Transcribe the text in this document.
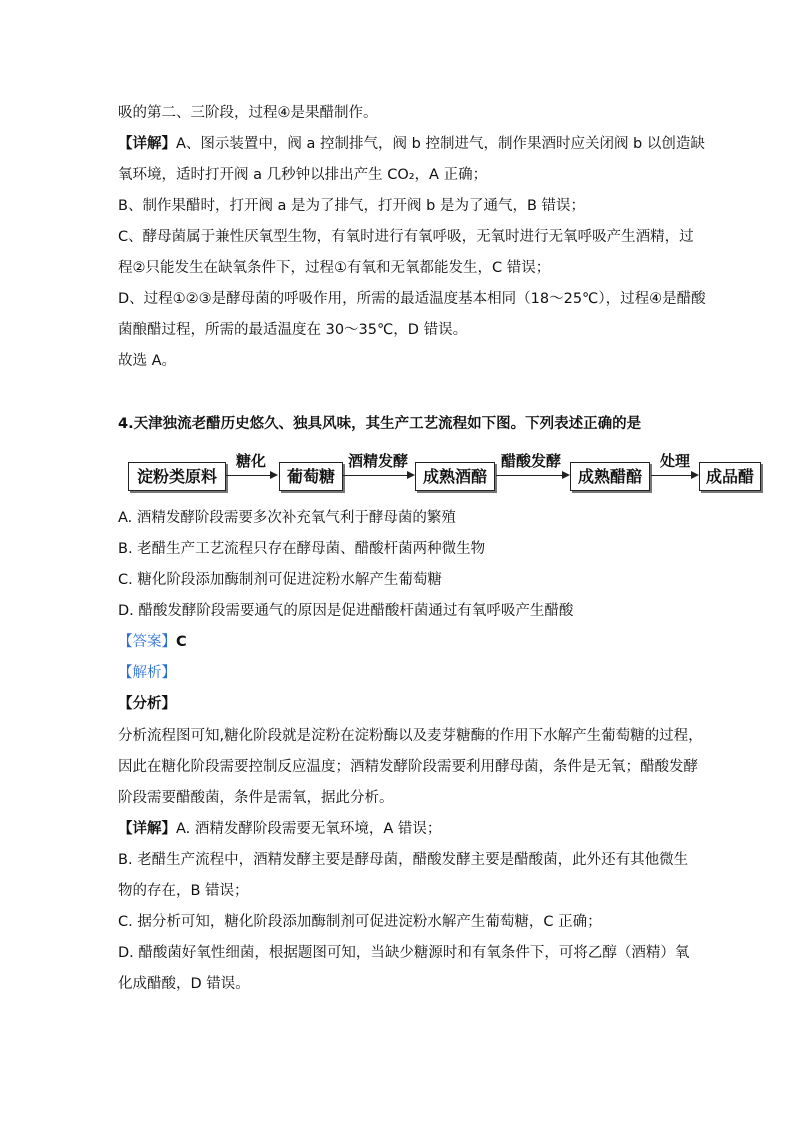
吸的第二、三阶段，过程④是果醋制作。
【详解】A、图示装置中，阀 a 控制排气，阀 b 控制进气，制作果酒时应关闭阀 b 以创造缺
氧环境，适时打开阀 a 几秒钟以排出产生 CO₂，A 正确；
B、制作果醋时，打开阀 a 是为了排气，打开阀 b 是为了通气，B 错误；
C、酵母菌属于兼性厌氧型生物，有氧时进行有氧呼吸，无氧时进行无氧呼吸产生酒精，过
程②只能发生在缺氧条件下，过程①有氧和无氧都能发生，C 错误；
D、过程①②③是酵母菌的呼吸作用，所需的最适温度基本相同（18～25℃），过程④是醋酸
菌酿醋过程，所需的最适温度在 30～35℃，D 错误。
故选 A。
4.天津独流老醋历史悠久、独具风味，其生产工艺流程如下图。下列表述正确的是
淀粉类原料
糖化
葡萄糖
酒精发酵
成熟酒醅
醋酸发酵
成熟醋醅
处理
成品醋
A. 酒精发酵阶段需要多次补充氧气利于酵母菌的繁殖
B. 老醋生产工艺流程只存在酵母菌、醋酸杆菌两种微生物
C. 糖化阶段添加酶制剂可促进淀粉水解产生葡萄糖
D. 醋酸发酵阶段需要通气的原因是促进醋酸杆菌通过有氧呼吸产生醋酸
【答案】C
【解析】
【分析】
分析流程图可知,糖化阶段就是淀粉在淀粉酶以及麦芽糖酶的作用下水解产生葡萄糖的过程，
因此在糖化阶段需要控制反应温度；酒精发酵阶段需要利用酵母菌，条件是无氧；醋酸发酵
阶段需要醋酸菌，条件是需氧，据此分析。
【详解】A. 酒精发酵阶段需要无氧环境，A 错误；
B. 老醋生产流程中，酒精发酵主要是酵母菌，醋酸发酵主要是醋酸菌，此外还有其他微生
物的存在，B 错误；
C. 据分析可知，糖化阶段添加酶制剂可促进淀粉水解产生葡萄糖，C 正确；
D. 醋酸菌好氧性细菌，根据题图可知，当缺少糖源时和有氧条件下，可将乙醇（酒精）氧
化成醋酸，D 错误。
